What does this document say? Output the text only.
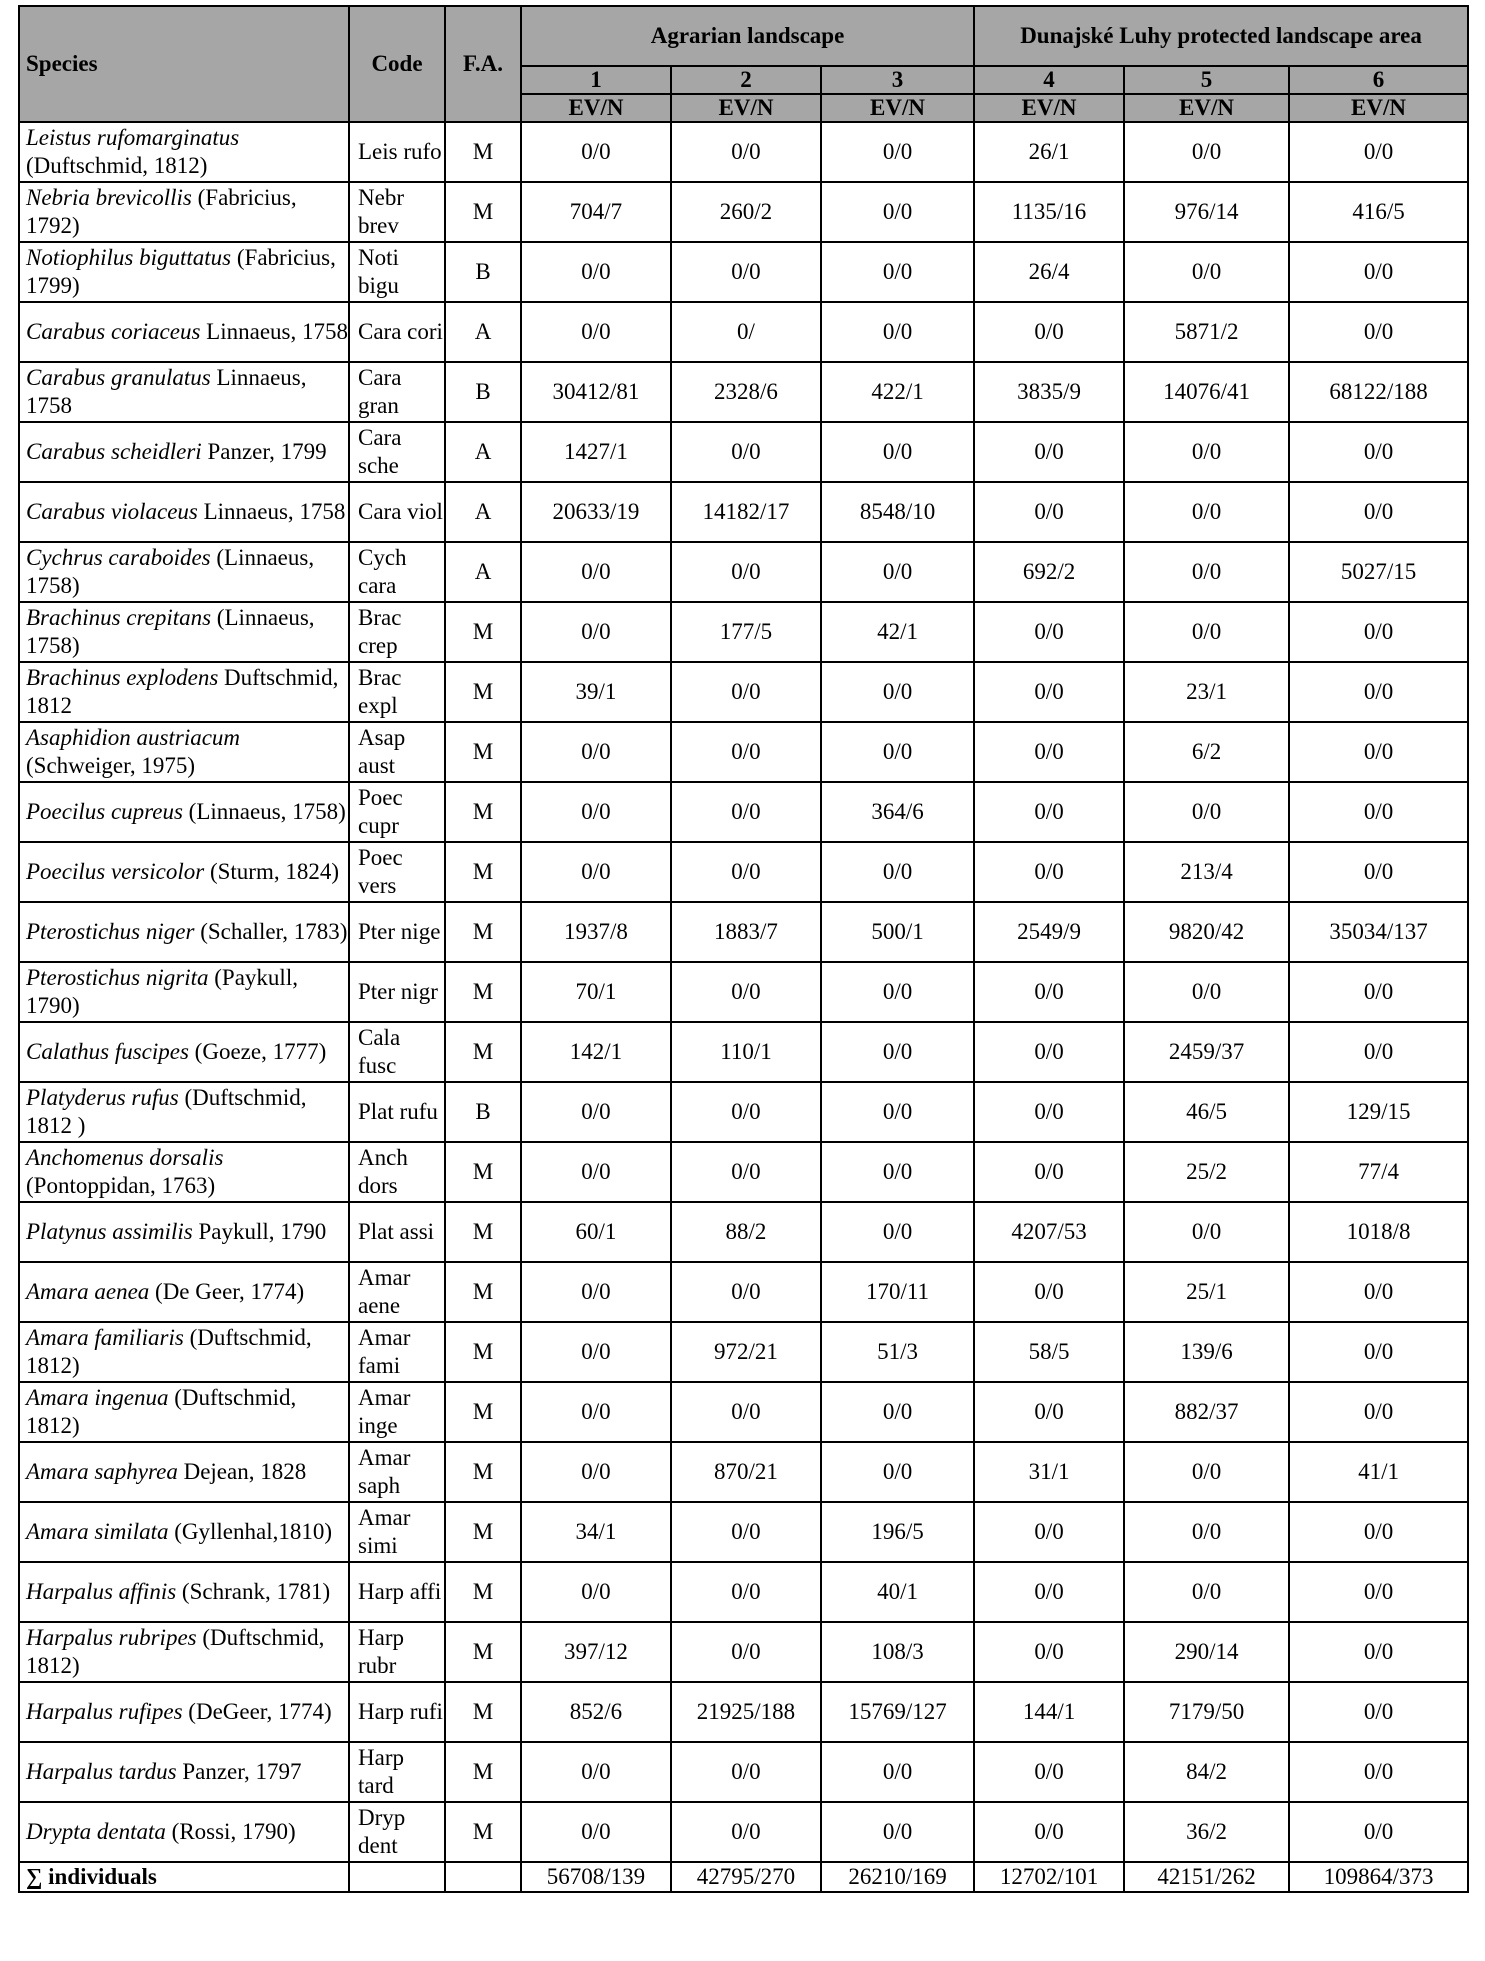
Species	Code	F.A.	Agrarian landscape			Dunajské Luhy protected landscape area		
			1	2	3	4	5	6
			EV/N	EV/N	EV/N	EV/N	EV/N	EV/N
Leistus rufomarginatus (Duftschmid, 1812)	Leis rufo	M	0/0	0/0	0/0	26/1	0/0	0/0
Nebria brevicollis (Fabricius, 1792)	Nebr brev	M	704/7	260/2	0/0	1135/16	976/14	416/5
Notiophilus biguttatus (Fabricius, 1799)	Noti bigu	B	0/0	0/0	0/0	26/4	0/0	0/0
Carabus coriaceus Linnaeus, 1758	Cara cori	A	0/0	0/	0/0	0/0	5871/2	0/0
Carabus granulatus Linnaeus, 1758	Cara gran	B	30412/81	2328/6	422/1	3835/9	14076/41	68122/188
Carabus scheidleri Panzer, 1799	Cara sche	A	1427/1	0/0	0/0	0/0	0/0	0/0
Carabus violaceus Linnaeus, 1758	Cara viol	A	20633/19	14182/17	8548/10	0/0	0/0	0/0
Cychrus caraboides (Linnaeus, 1758)	Cych cara	A	0/0	0/0	0/0	692/2	0/0	5027/15
Brachinus crepitans (Linnaeus, 1758)	Brac crep	M	0/0	177/5	42/1	0/0	0/0	0/0
Brachinus explodens Duftschmid, 1812	Brac expl	M	39/1	0/0	0/0	0/0	23/1	0/0
Asaphidion austriacum (Schweiger, 1975)	Asap aust	M	0/0	0/0	0/0	0/0	6/2	0/0
Poecilus cupreus (Linnaeus, 1758)	Poec cupr	M	0/0	0/0	364/6	0/0	0/0	0/0
Poecilus versicolor (Sturm, 1824)	Poec vers	M	0/0	0/0	0/0	0/0	213/4	0/0
Pterostichus niger (Schaller, 1783)	Pter nige	M	1937/8	1883/7	500/1	2549/9	9820/42	35034/137
Pterostichus nigrita (Paykull, 1790)	Pter nigr	M	70/1	0/0	0/0	0/0	0/0	0/0
Calathus fuscipes (Goeze, 1777)	Cala fusc	M	142/1	110/1	0/0	0/0	2459/37	0/0
Platyderus rufus (Duftschmid, 1812 )	Plat rufu	B	0/0	0/0	0/0	0/0	46/5	129/15
Anchomenus dorsalis (Pontoppidan, 1763)	Anch dors	M	0/0	0/0	0/0	0/0	25/2	77/4
Platynus assimilis Paykull, 1790	Plat assi	M	60/1	88/2	0/0	4207/53	0/0	1018/8
Amara aenea (De Geer, 1774)	Amar aene	M	0/0	0/0	170/11	0/0	25/1	0/0
Amara familiaris (Duftschmid, 1812)	Amar fami	M	0/0	972/21	51/3	58/5	139/6	0/0
Amara ingenua (Duftschmid, 1812)	Amar inge	M	0/0	0/0	0/0	0/0	882/37	0/0
Amara saphyrea Dejean, 1828	Amar saph	M	0/0	870/21	0/0	31/1	0/0	41/1
Amara similata (Gyllenhal,1810)	Amar simi	M	34/1	0/0	196/5	0/0	0/0	0/0
Harpalus affinis (Schrank, 1781)	Harp affi	M	0/0	0/0	40/1	0/0	0/0	0/0
Harpalus rubripes (Duftschmid, 1812)	Harp rubr	M	397/12	0/0	108/3	0/0	290/14	0/0
Harpalus rufipes (DeGeer, 1774)	Harp rufi	M	852/6	21925/188	15769/127	144/1	7179/50	0/0
Harpalus tardus Panzer, 1797	Harp tard	M	0/0	0/0	0/0	0/0	84/2	0/0
Drypta dentata (Rossi, 1790)	Dryp dent	M	0/0	0/0	0/0	0/0	36/2	0/0
∑ individuals			56708/139	42795/270	26210/169	12702/101	42151/262	109864/373
